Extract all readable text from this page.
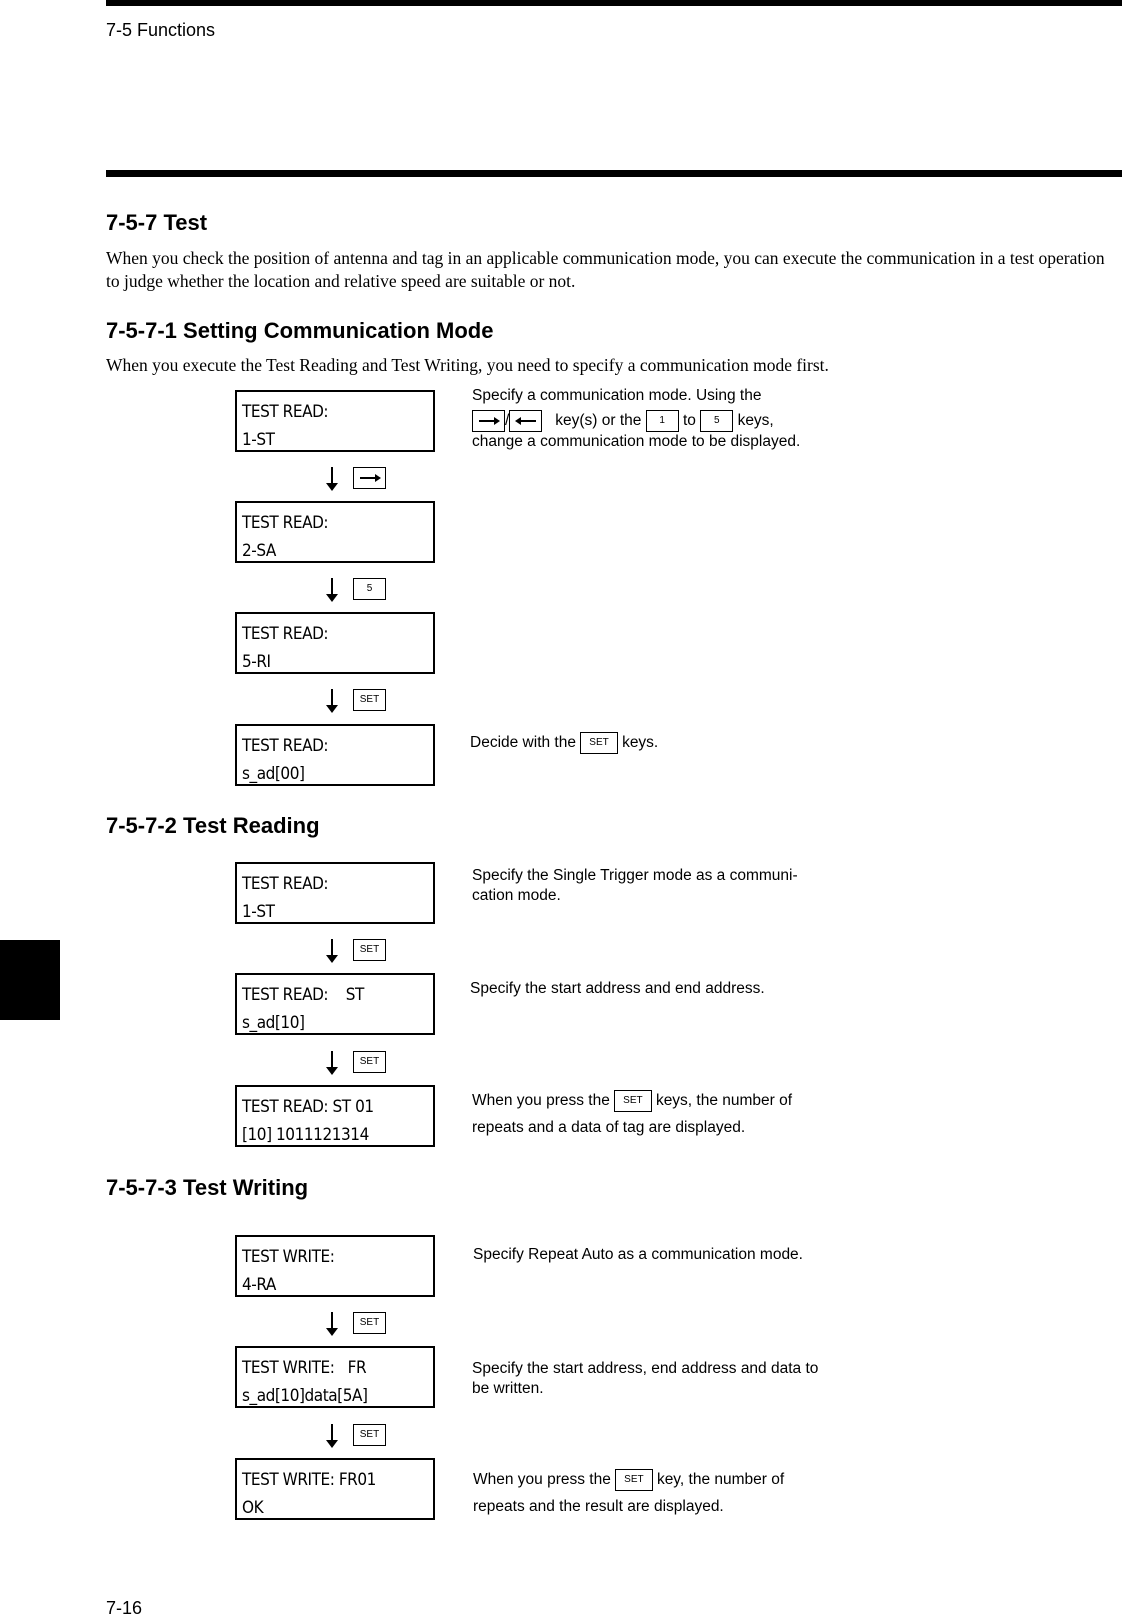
7-5 Functions
7-5-7 Test
When you check the position of antenna and tag in an applicable communication mode, you can execute the communication in a test operation to judge whether the location and relative speed are suitable or not.
7-5-7-1 Setting Communication Mode
When you execute the Test Reading and Test Writing, you need to specify a communication mode first.
TEST READ:
1-ST
TEST READ:
2-SA
5
TEST READ:
5-RI
SET
TEST READ:
s_ad[00]
Specify a communication mode. Using the
/	key(s) or the 1 to 5 keys,
change a communication mode to be displayed.
Decide with the SET keys.
7-5-7-2 Test Reading
TEST READ:
1-ST
SET
TEST READ:    ST
s_ad[10]
SET
TEST READ: ST 01
[10] 1011121314
Specify the Single Trigger mode as a communi-cation mode.
Specify the start address and end address.
When you press the SET keys, the number of
repeats and a data of tag are displayed.
7-5-7-3 Test Writing
TEST WRITE:
4-RA
SET
TEST WRITE:   FR
s_ad[10]data[5A]
SET
TEST WRITE: FR01
OK
Specify Repeat Auto as a communication mode.
Specify the start address, end address and data to be written.
When you press the SET key, the number of
repeats and the result are displayed.
7-16
